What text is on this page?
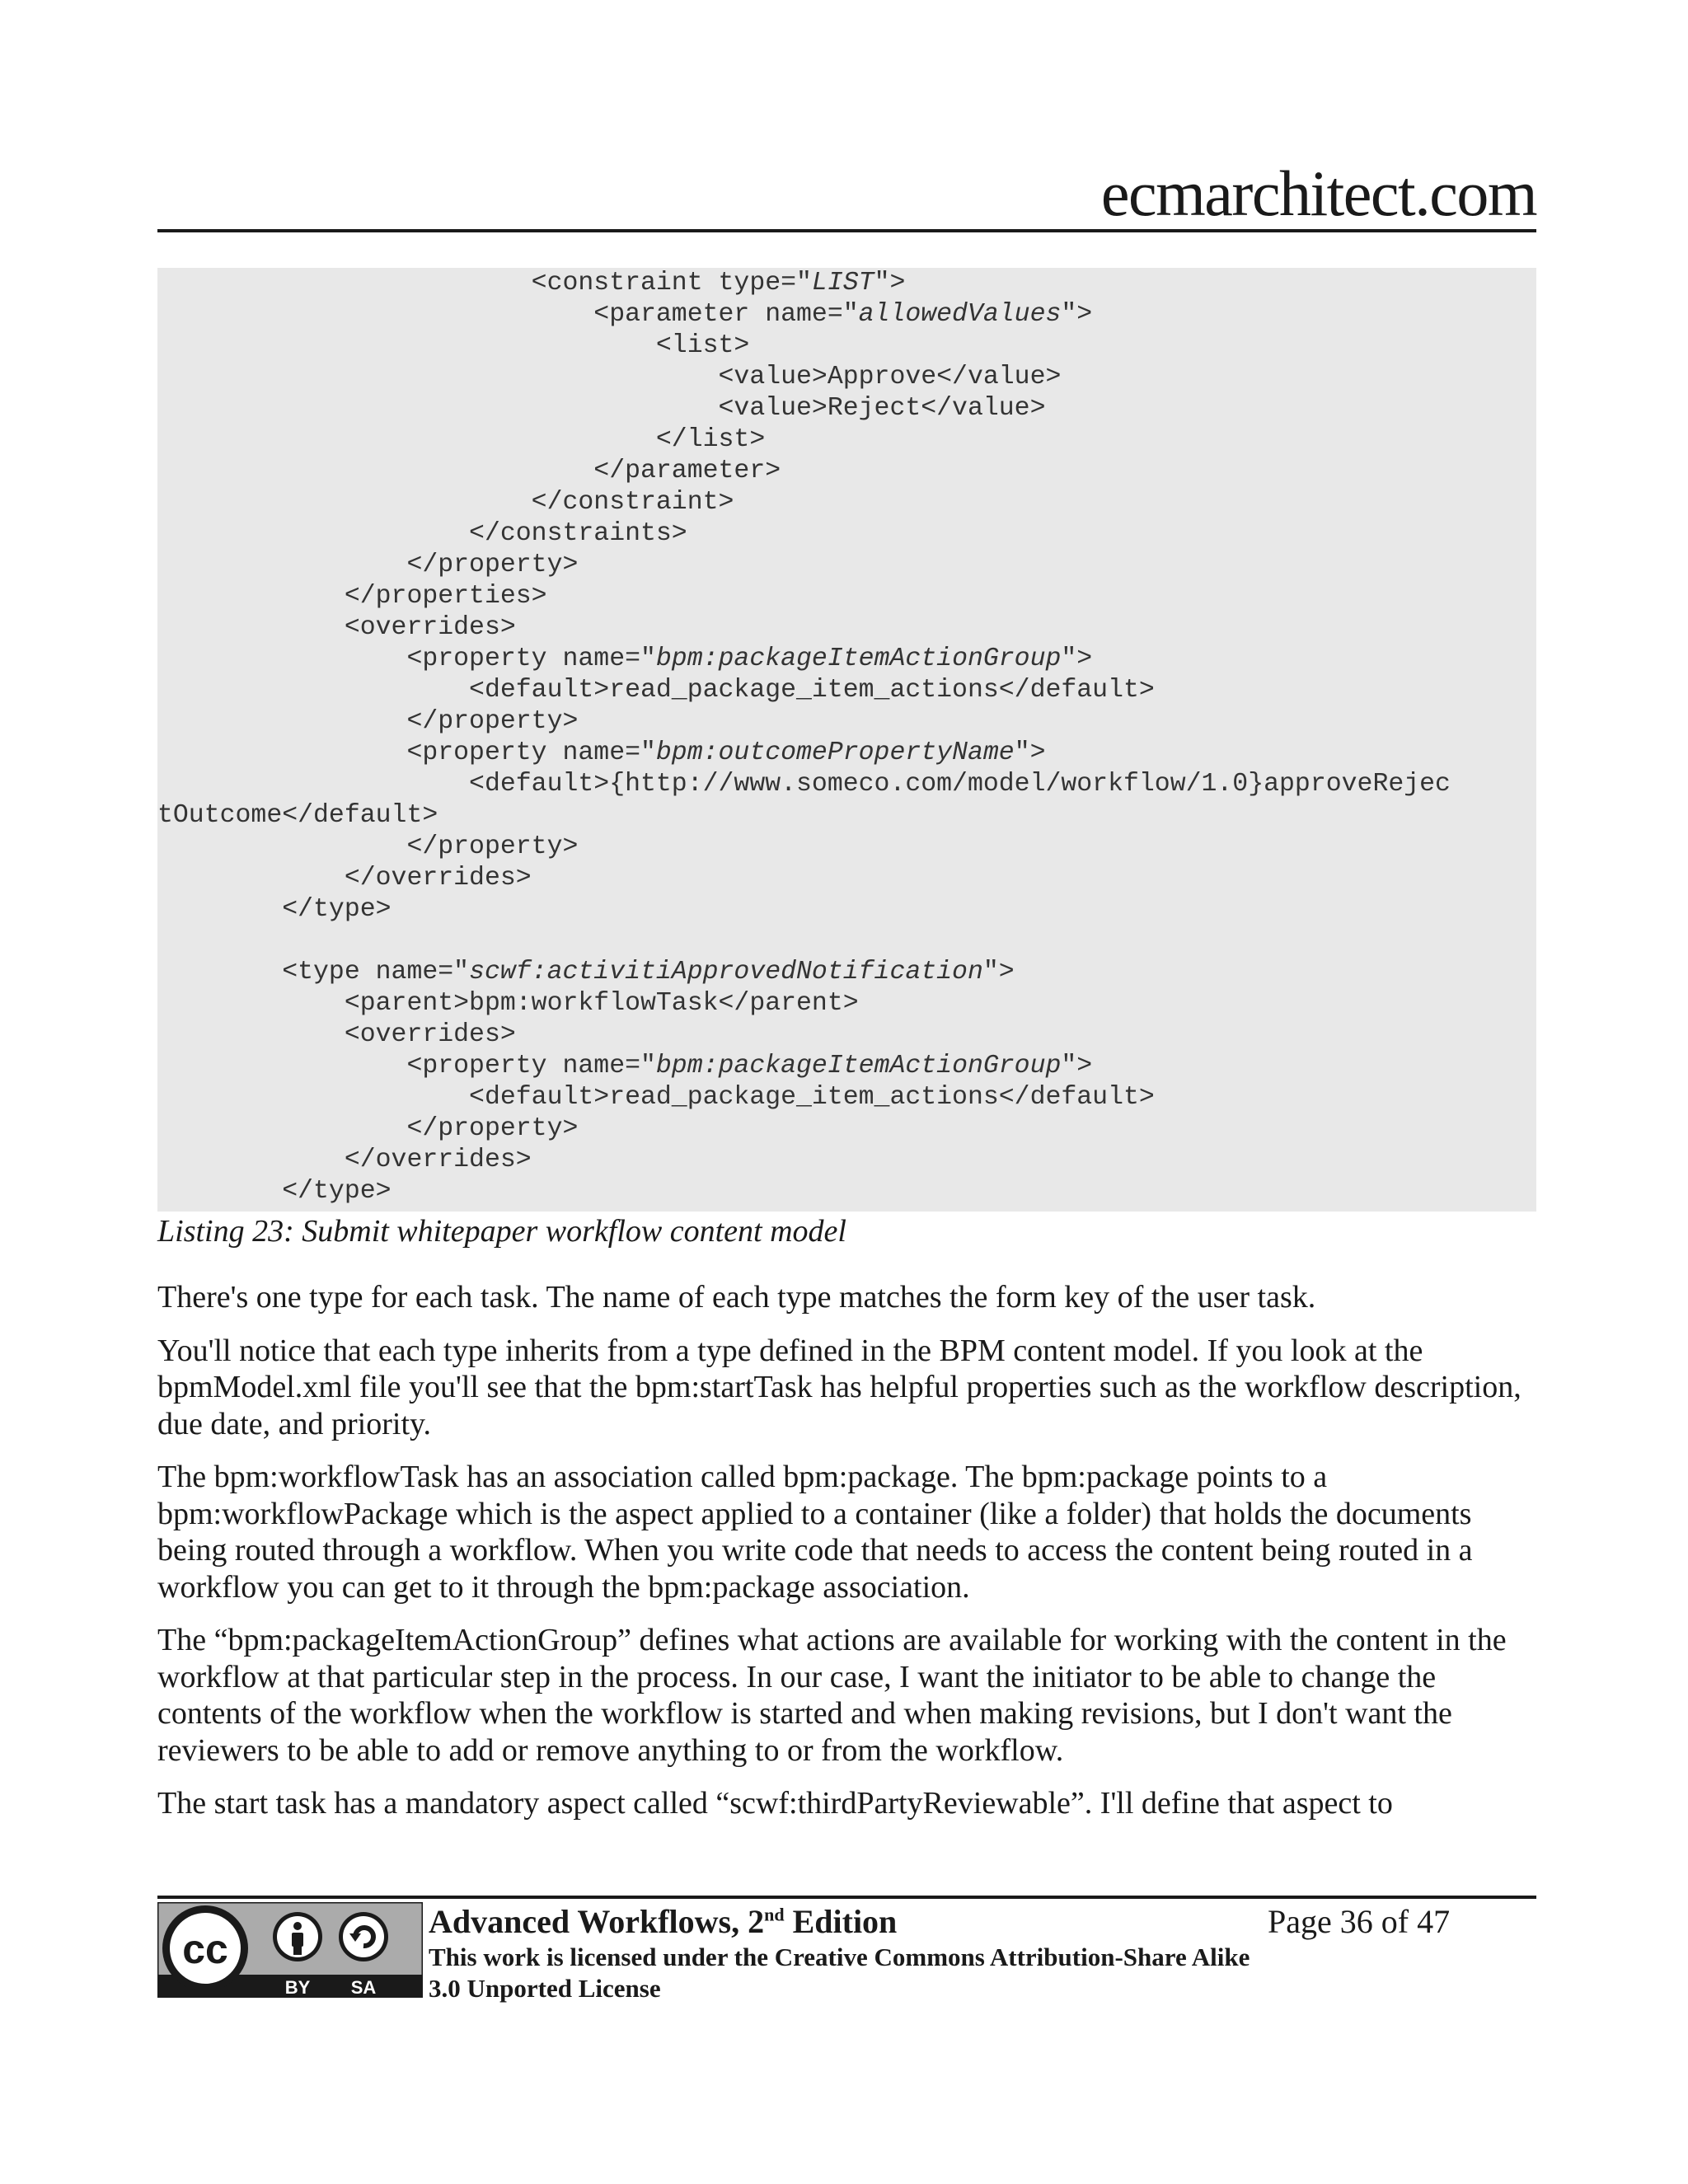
ecmarchitect.com
<constraint type="LIST">
<parameter name="allowedValues">
<list>
<value>Approve</value>
<value>Reject</value>
</list>
</parameter>
</constraint>
</constraints>
</property>
</properties>
<overrides>
<property name="bpm:packageItemActionGroup">
<default>read_package_item_actions</default>
</property>
<property name="bpm:outcomePropertyName">
<default>{http://www.someco.com/model/workflow/1.0}approveRejec
tOutcome</default>
</property>
</overrides>
</type>
<type name="scwf:activitiApprovedNotification">
<parent>bpm:workflowTask</parent>
<overrides>
<property name="bpm:packageItemActionGroup">
<default>read_package_item_actions</default>
</property>
</overrides>
</type>
Listing 23: Submit whitepaper workflow content model

There's one type for each task. The name of each type matches the form key of the user task.

You'll notice that each type inherits from a type defined in the BPM content model. If you look at the bpmModel.xml file you'll see that the bpm:startTask has helpful properties such as the workflow description, due date, and priority.

The bpm:workflowTask has an association called bpm:package. The bpm:package points to a bpm:workflowPackage which is the aspect applied to a container (like a folder) that holds the documents being routed through a workflow. When you write code that needs to access the content being routed in a workflow you can get to it through the bpm:package association.

The “bpm:packageItemActionGroup” defines what actions are available for working with the content in the workflow at that particular step in the process. In our case, I want the initiator to be able to change the contents of the workflow when the workflow is started and when making revisions, but I don't want the reviewers to be able to add or remove anything to or from the workflow.

The start task has a mandatory aspect called “scwf:thirdPartyReviewable”. I'll define that aspect to

cc
BY SA
Advanced Workflows, 2nd Edition
This work is licensed under the Creative Commons Attribution-Share Alike 3.0 Unported License
Page 36 of 47
